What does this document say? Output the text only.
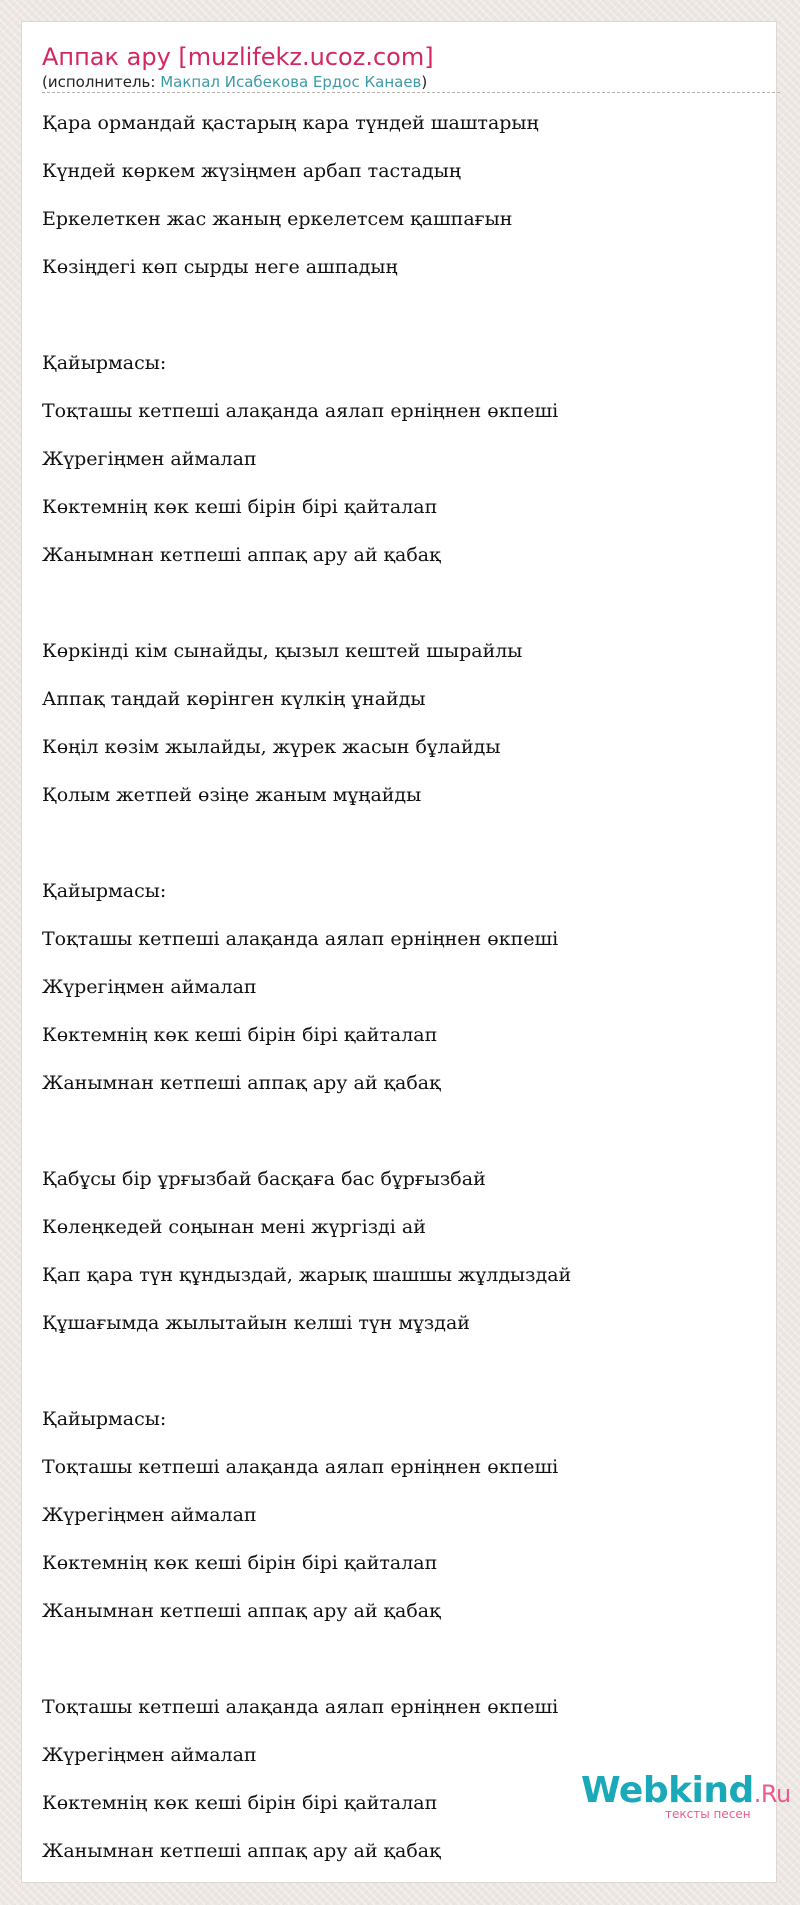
Аппак ару [muzlifekz.ucoz.com]
(исполнитель: Макпал Исабекова Ердос Канаев)
Қара ормандай қастарың кара түндей шаштарың
Күндей көркем жүзіңмен арбап тастадың
Еркелеткен жас жаның еркелетсем қашпағын
Көзіңдегі көп сырды неге ашпадың
Қайырмасы:
Тоқташы кетпеші алақанда аялап ерніңнен өкпеші
Жүрегіңмен аймалап
Көктемнің көк кеші бірін бірі қайталап
Жанымнан кетпеші аппақ ару ай қабақ
Көркінді кім сынайды, қызыл кештей шырайлы
Аппақ таңдай көрінген күлкің ұнайды
Көңіл көзім жылайды, жүрек жасын бұлайды
Қолым жетпей өзіңе жаным мұңайды
Қайырмасы:
Тоқташы кетпеші алақанда аялап ерніңнен өкпеші
Жүрегіңмен аймалап
Көктемнің көк кеші бірін бірі қайталап
Жанымнан кетпеші аппақ ару ай қабақ
Қабұсы бір ұрғызбай басқаға бас бұрғызбай
Көлеңкедей соңынан мені жүргізді ай
Қап қара түн құндыздай, жарық шашшы жұлдыздай
Құшағымда жылытайын келші түн мұздай
Қайырмасы:
Тоқташы кетпеші алақанда аялап ерніңнен өкпеші
Жүрегіңмен аймалап
Көктемнің көк кеші бірін бірі қайталап
Жанымнан кетпеші аппақ ару ай қабақ
Тоқташы кетпеші алақанда аялап ерніңнен өкпеші
Жүрегіңмен аймалап
Көктемнің көк кеші бірін бірі қайталап
Жанымнан кетпеші аппақ ару ай қабақ
Webkind.Ru
тексты песен
